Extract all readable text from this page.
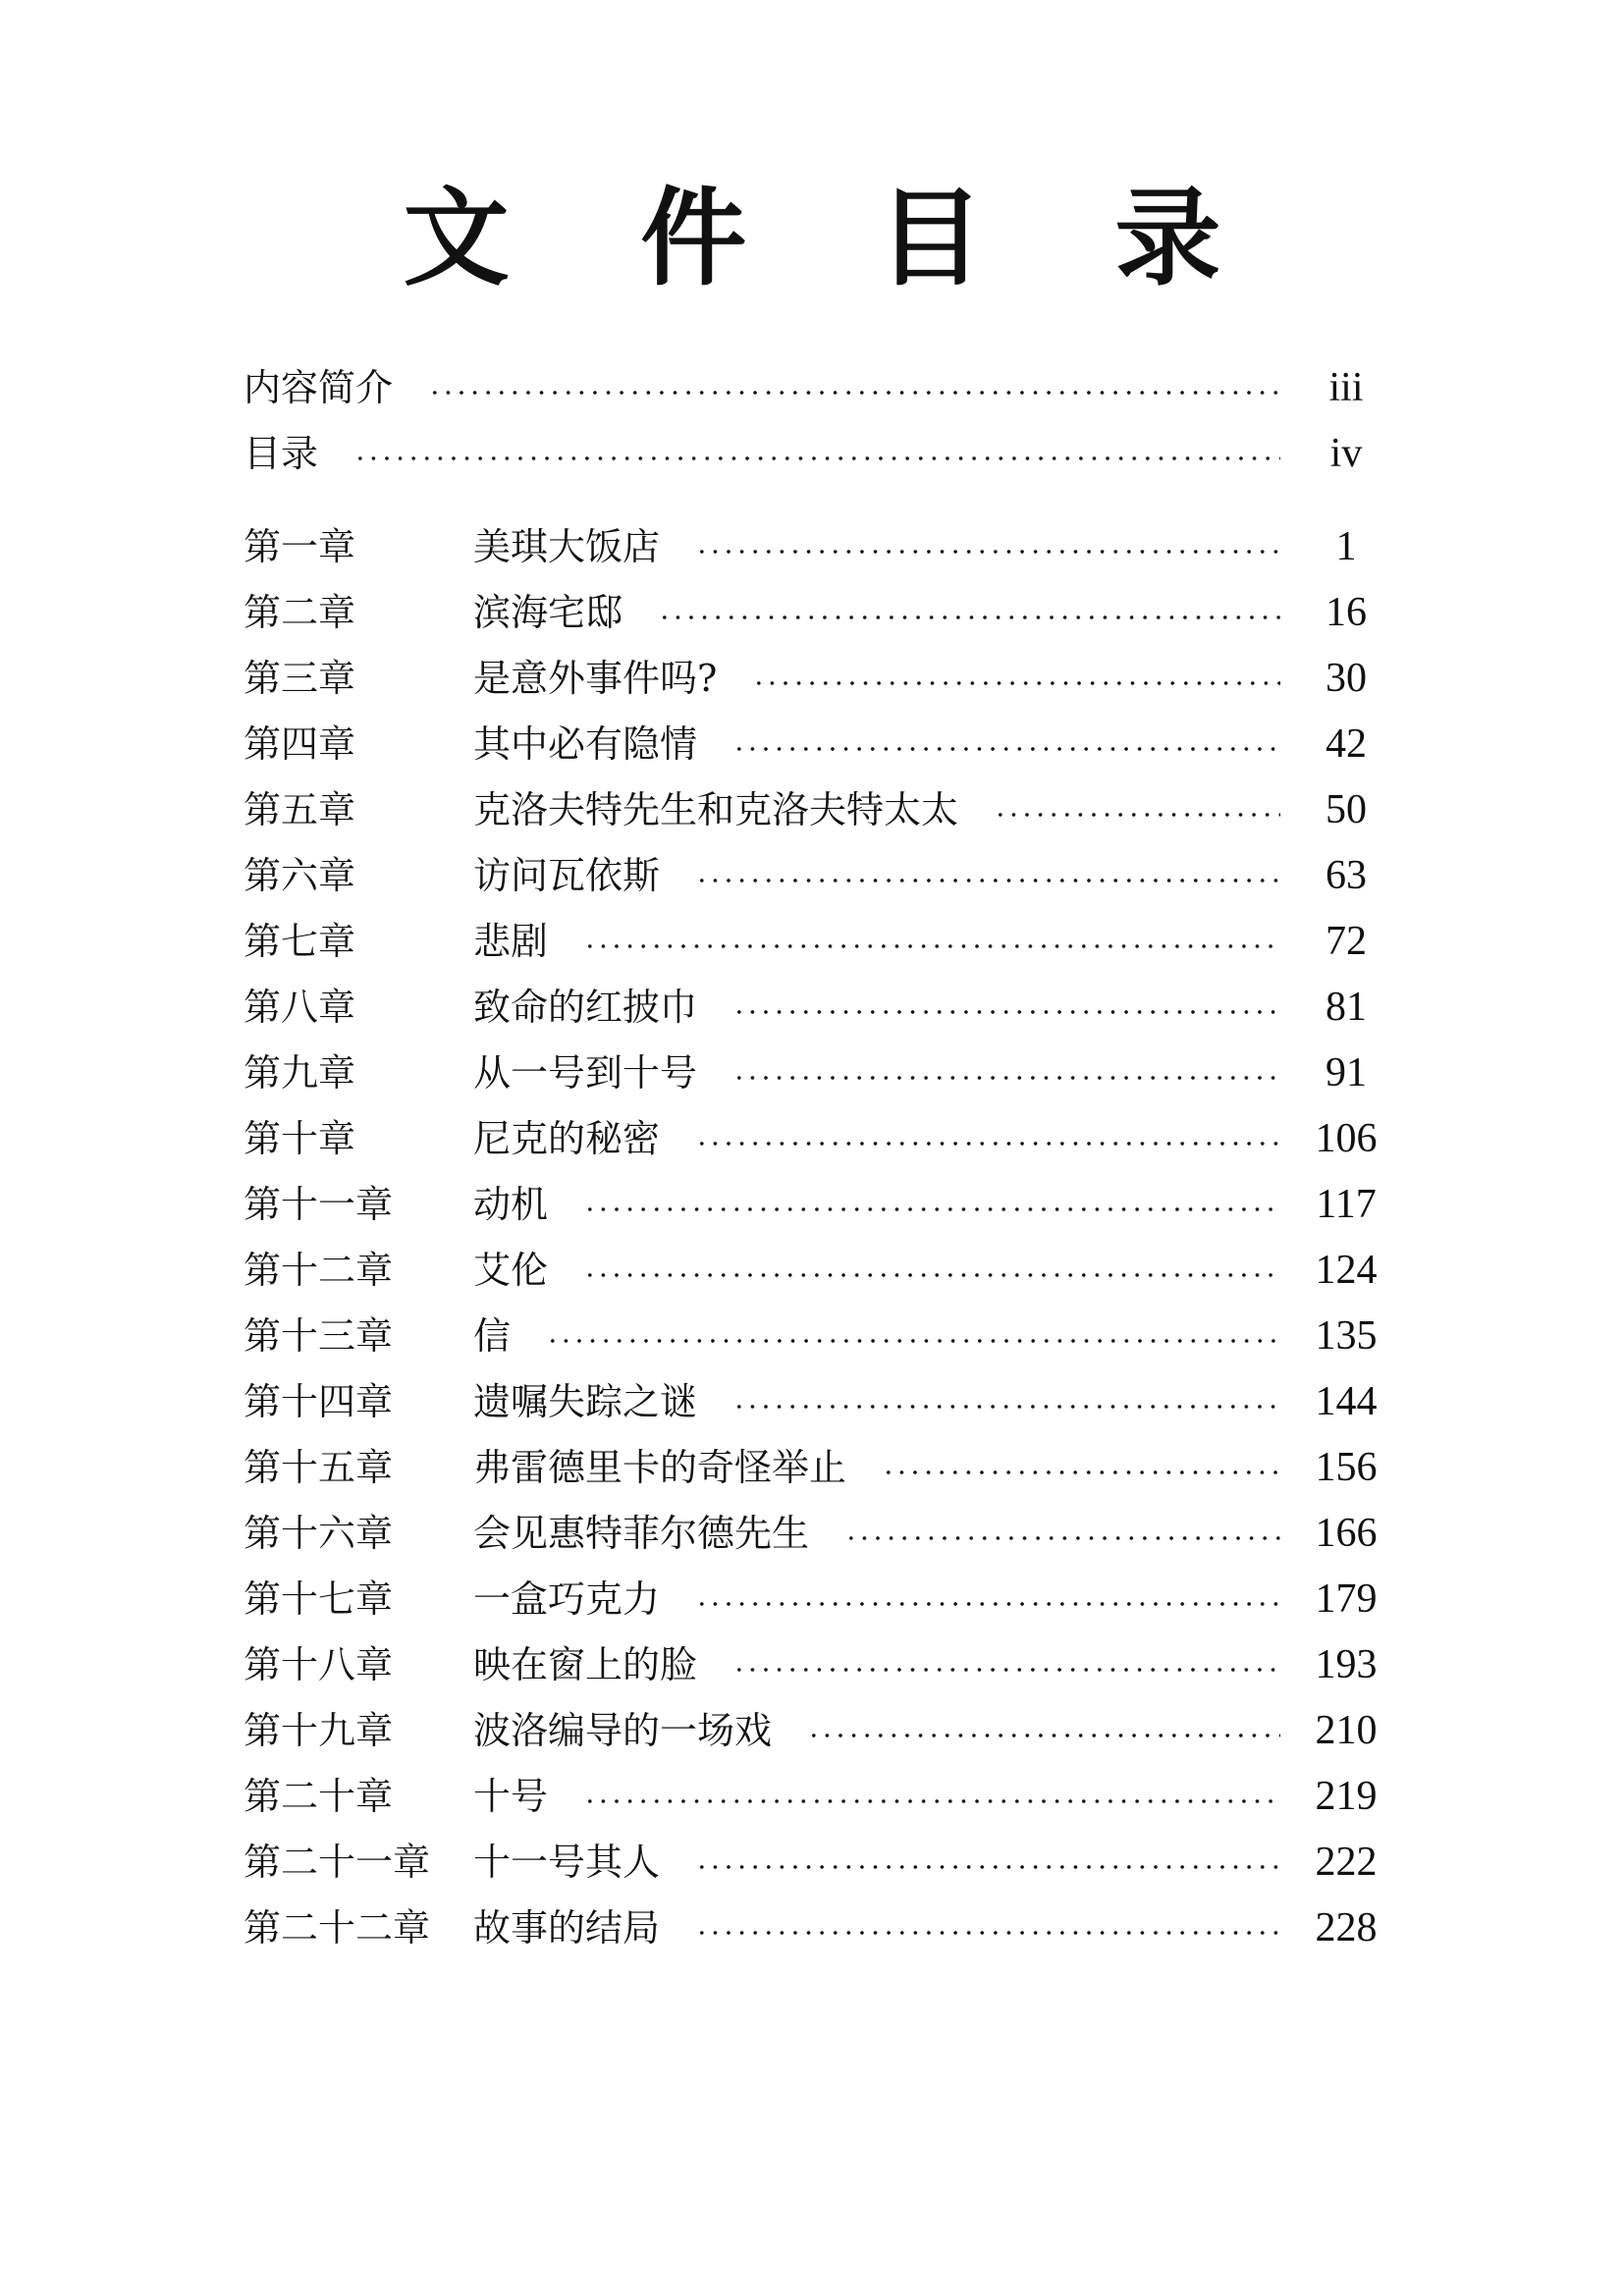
文 件 目 录
内容简介	iii
目录	iv
第一章	美琪大饭店	1
第二章	滨海宅邸	16
第三章	是意外事件吗?	30
第四章	其中必有隐情	42
第五章	克洛夫特先生和克洛夫特太太	50
第六章	访问瓦依斯	63
第七章	悲剧	72
第八章	致命的红披巾	81
第九章	从一号到十号	91
第十章	尼克的秘密	106
第十一章	动机	117
第十二章	艾伦	124
第十三章	信	135
第十四章	遗嘱失踪之谜	144
第十五章	弗雷德里卡的奇怪举止	156
第十六章	会见惠特菲尔德先生	166
第十七章	一盒巧克力	179
第十八章	映在窗上的脸	193
第十九章	波洛编导的一场戏	210
第二十章	十号	219
第二十一章	十一号其人	222
第二十二章	故事的结局	228
